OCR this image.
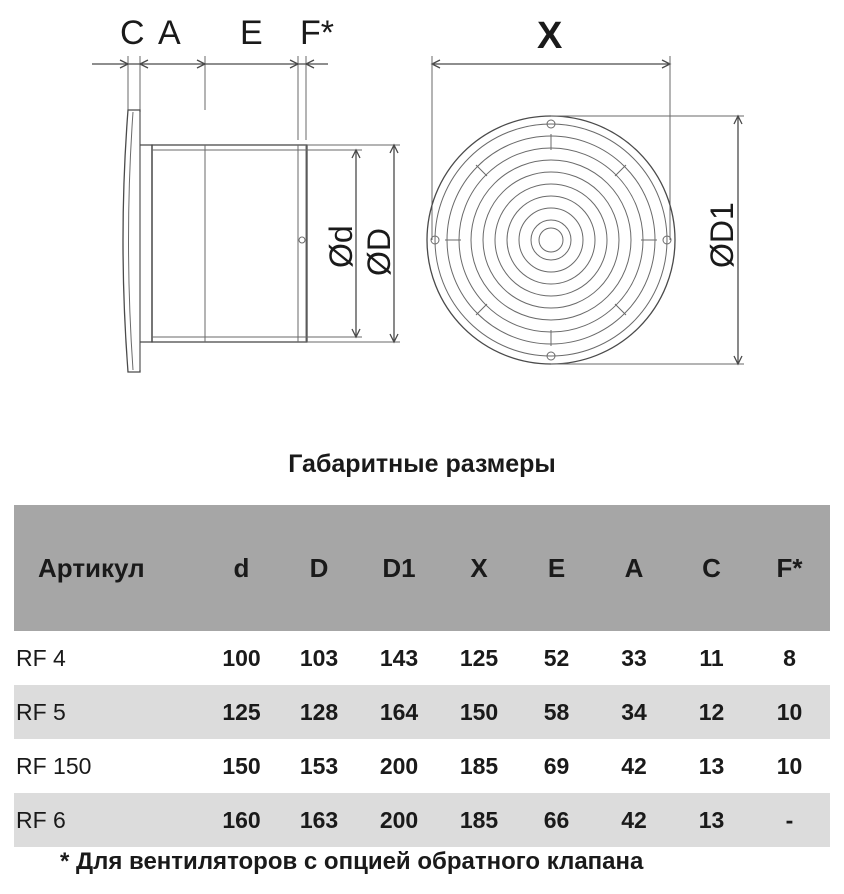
C A E F*	X
Ød ØD	ØD1
Габаритные размеры
Артикул	d	D	D1	X	E	A	C	F*
RF 4	100	103	143	125	52	33	11	8
RF 5	125	128	164	150	58	34	12	10
RF 150	150	153	200	185	69	42	13	10
RF 6	160	163	200	185	66	42	13	-
* Для вентиляторов с опцией обратного клапана
